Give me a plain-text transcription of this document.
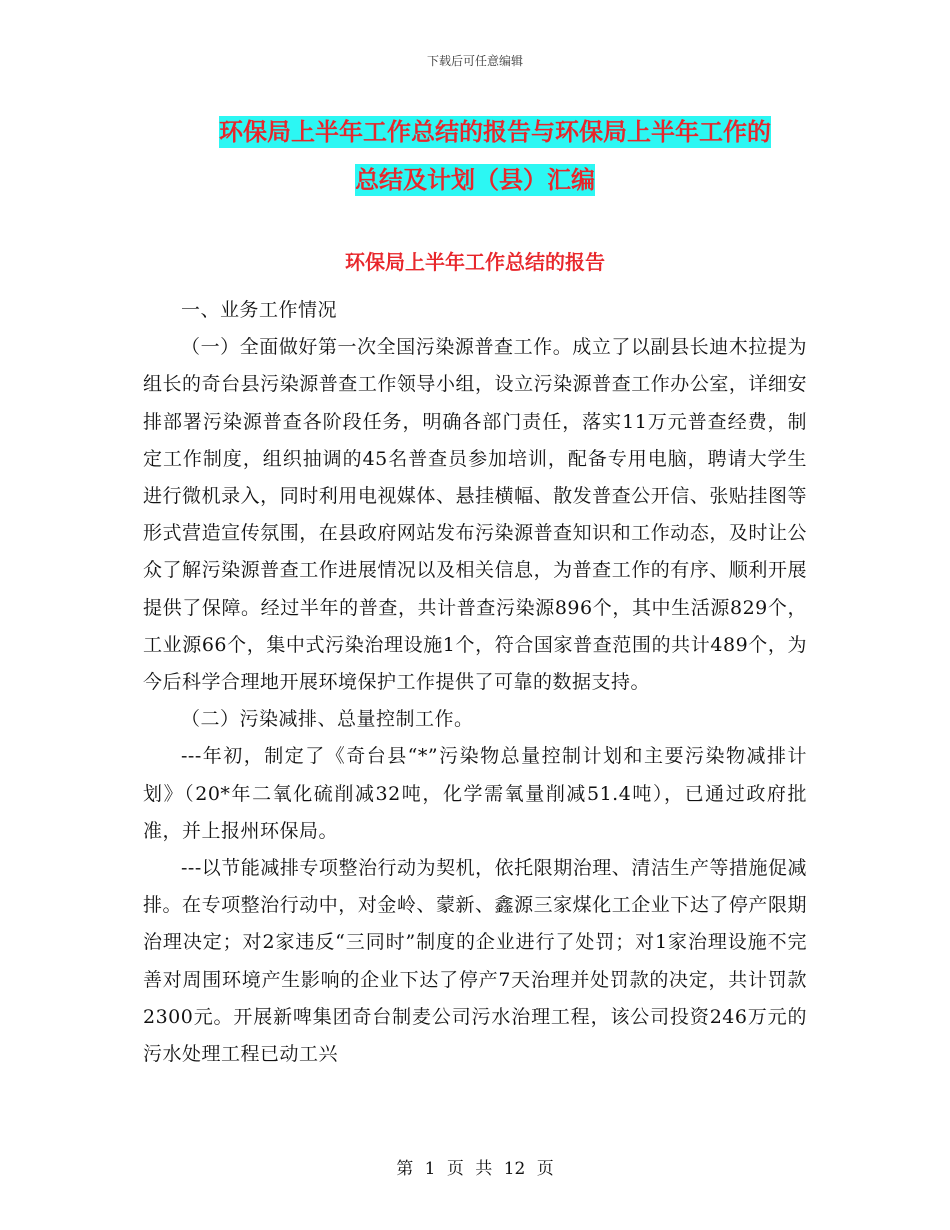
下载后可任意编辑
环保局上半年工作总结的报告与环保局上半年工作的
总结及计划（县）汇编
环保局上半年工作总结的报告

一、业务工作情况

（一）全面做好第一次全国污染源普查工作。成立了以副县长迪木拉提为组长的奇台县污染源普查工作领导小组，设立污染源普查工作办公室，详细安排部署污染源普查各阶段任务，明确各部门责任，落实11万元普查经费，制定工作制度，组织抽调的45名普查员参加培训，配备专用电脑，聘请大学生进行微机录入，同时利用电视媒体、悬挂横幅、散发普查公开信、张贴挂图等形式营造宣传氛围，在县政府网站发布污染源普查知识和工作动态，及时让公众了解污染源普查工作进展情况以及相关信息，为普查工作的有序、顺利开展提供了保障。经过半年的普查，共计普查污染源896个，其中生活源829个，工业源66个，集中式污染治理设施1个，符合国家普查范围的共计489个，为今后科学合理地开展环境保护工作提供了可靠的数据支持。

（二）污染减排、总量控制工作。

---年初，制定了《奇台县“*”污染物总量控制计划和主要污染物减排计划》（20*年二氧化硫削减32吨，化学需氧量削减51.4吨），已通过政府批准，并上报州环保局。

---以节能减排专项整治行动为契机，依托限期治理、清洁生产等措施促减排。在专项整治行动中，对金岭、蒙新、鑫源三家煤化工企业下达了停产限期治理决定；对2家违反“三同时”制度的企业进行了处罚；对1家治理设施不完善对周围环境产生影响的企业下达了停产7天治理并处罚款的决定，共计罚款2300元。开展新啤集团奇台制麦公司污水治理工程，该公司投资246万元的污水处理工程已动工兴

第 1 页 共 12 页
